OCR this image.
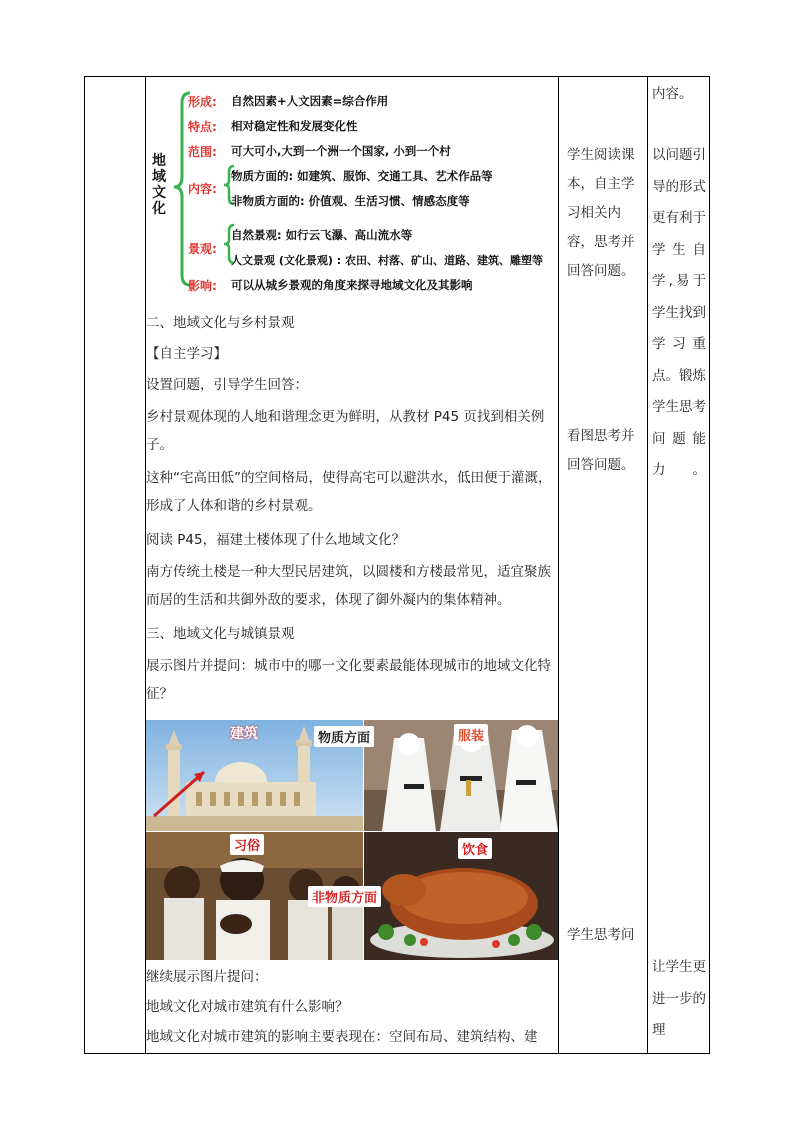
地域文化
形成: 自然因素+人文因素=综合作用
特点: 相对稳定性和发展变化性
范围: 可大可小,大到一个洲一个国家, 小到一个村
内容:
物质方面的: 如建筑、服饰、交通工具、艺术作品等
非物质方面的: 价值观、生活习惯、情感态度等
景观:
自然景观: 如行云飞瀑、高山流水等
人文景观 (文化景观) : 农田、村落、矿山、道路、建筑、雕塑等
影响: 可以从城乡景观的角度来探寻地域文化及其影响
二、地域文化与乡村景观
【自主学习】
设置问题，引导学生回答：
乡村景观体现的人地和谐理念更为鲜明，从教材 P45 页找到相关例子。
这种“宅高田低”的空间格局，使得高宅可以避洪水，低田便于灌溉，形成了人体和谐的乡村景观。
阅读 P45，福建土楼体现了什么地域文化？
南方传统土楼是一种大型民居建筑，以圆楼和方楼最常见，适宜聚族而居的生活和共御外敌的要求，体现了御外凝内的集体精神。
三、地域文化与城镇景观
展示图片并提问：城市中的哪一文化要素最能体现城市的地域文化特征？
建筑	物质方面	服装
习俗
非物质方面
饮食
继续展示图片提问：
地域文化对城市建筑有什么影响？
地域文化对城市建筑的影响主要表现在：空间布局、建筑结构、建
学生阅读课本，自主学习相关内容，思考并回答问题。
看图思考并回答问题。
学生思考问
内容。
以问题引导的形式更有利于学生自学,易于学生找到学习重点。锻炼学生思考问题能力。
让学生更进一步的理
